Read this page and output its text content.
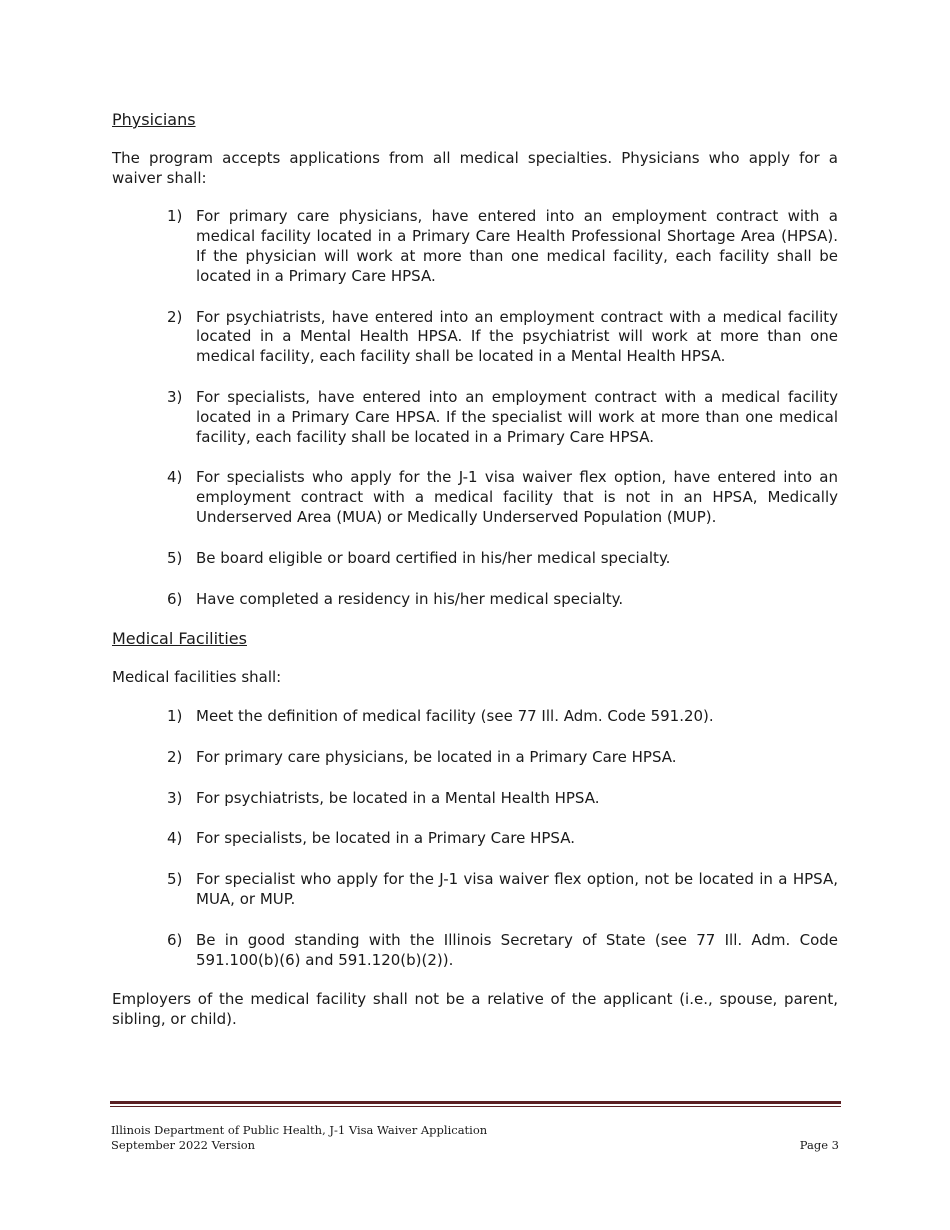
Physicians

The program accepts applications from all medical specialties. Physicians who apply for a waiver shall:

1) For primary care physicians, have entered into an employment contract with a medical facility located in a Primary Care Health Professional Shortage Area (HPSA). If the physician will work at more than one medical facility, each facility shall be located in a Primary Care HPSA.
2) For psychiatrists, have entered into an employment contract with a medical facility located in a Mental Health HPSA. If the psychiatrist will work at more than one medical facility, each facility shall be located in a Mental Health HPSA.
3) For specialists, have entered into an employment contract with a medical facility located in a Primary Care HPSA. If the specialist will work at more than one medical facility, each facility shall be located in a Primary Care HPSA.
4) For specialists who apply for the J-1 visa waiver flex option, have entered into an employment contract with a medical facility that is not in an HPSA, Medically Underserved Area (MUA) or Medically Underserved Population (MUP).
5) Be board eligible or board certified in his/her medical specialty.
6) Have completed a residency in his/her medical specialty.
Medical Facilities

Medical facilities shall:

1) Meet the definition of medical facility (see 77 Ill. Adm. Code 591.20).
2) For primary care physicians, be located in a Primary Care HPSA.
3) For psychiatrists, be located in a Mental Health HPSA.
4) For specialists, be located in a Primary Care HPSA.
5) For specialist who apply for the J-1 visa waiver flex option, not be located in a HPSA, MUA, or MUP.
6) Be in good standing with the Illinois Secretary of State (see 77 Ill. Adm. Code 591.100(b)(6) and 591.120(b)(2)).

Employers of the medical facility shall not be a relative of the applicant (i.e., spouse, parent, sibling, or child).

Illinois Department of Public Health, J-1 Visa Waiver Application
September 2022 Version	Page 3
